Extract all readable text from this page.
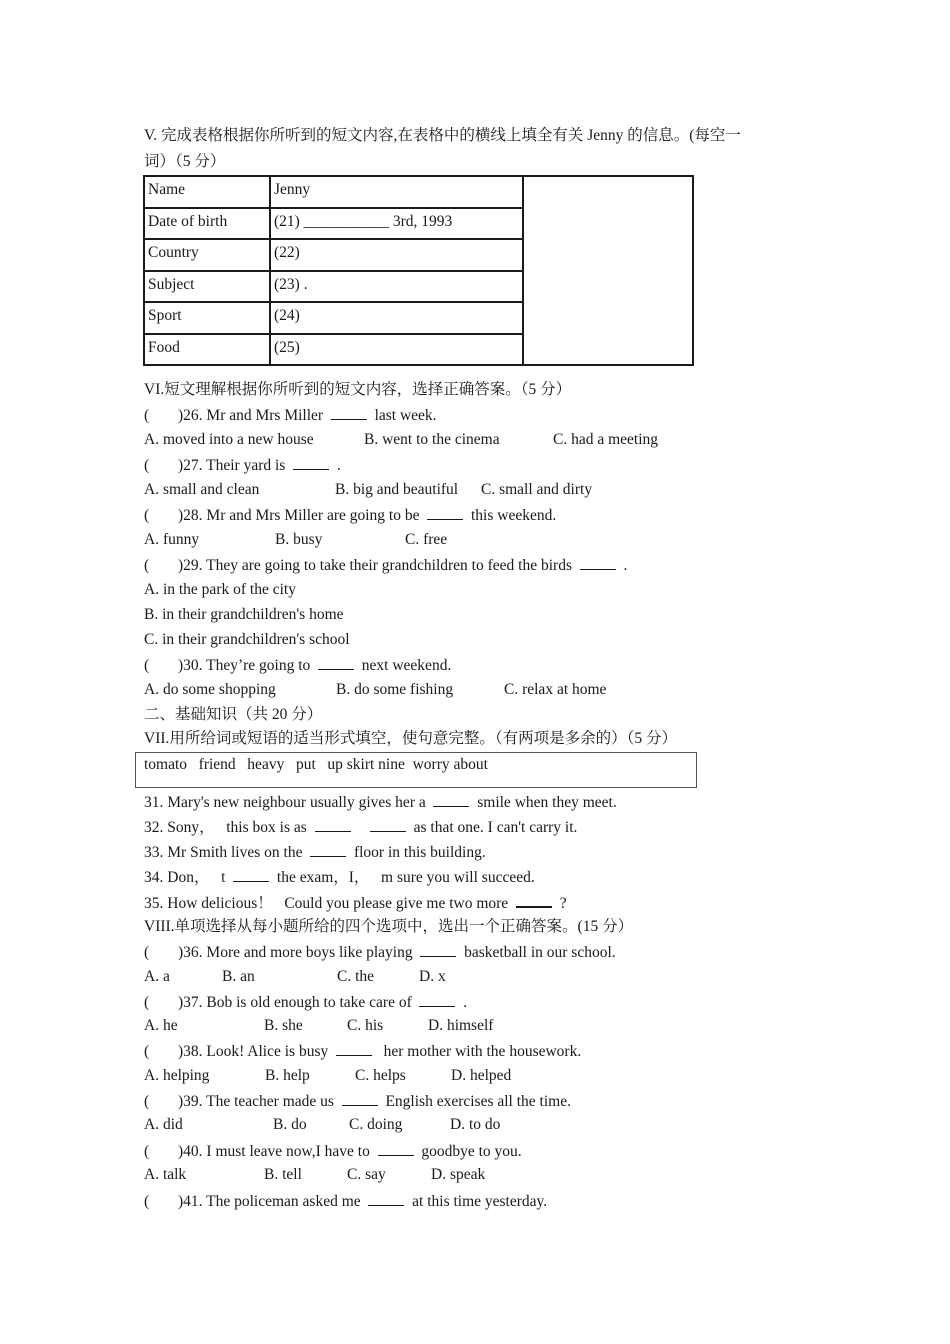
V. 完成表格根据你所听到的短文内容,在表格中的横线上填全有关 Jenny 的信息。(每空一
词）（5 分）
Name	Jenny	
Date of birth	(21) ___________ 3rd, 1993	
Country	(22)	
Subject	(23) .	
Sport	(24)	
Food	(25)	
VI.短文理解根据你所听到的短文内容，选择正确答案。（5 分）
( )26. Mr and Mrs Miller	last week.
A. moved into a new house	B. went to the cinema	C. had a meeting
( )27. Their yard is	.
A. small and clean	B. big and beautiful C. small and dirty
( )28. Mr and Mrs Miller are going to be	this weekend.
A. funny	B. busy	C. free
( )29. They are going to take their grandchildren to feed the birds	.
A. in the park of the city
B. in their grandchildren's home
C. in their grandchildren's school
( )30. They’re going to	next weekend.
A. do some shopping	B. do some fishing	C. relax at home
二、基础知识（共 20 分）
VII.用所给词或短语的适当形式填空，使句意完整。（有两项是多余的）（5 分）
tomato   friend   heavy   put   up skirt nine  worry about
31. Mary's new neighbour usually gives her a	smile when they meet.
32. Sony，   this box is as	as that one. I can't carry it.
33. Mr Smith lives on the	floor in this building.
34. Don，   t	the exam，I，   m sure you will succeed.
35. How delicious！   Could you please give me two more	?
VIII.单项选择从每小题所给的四个选项中，选出一个正确答案。(15 分）
( )36. More and more boys like playing	basketball in our school.
A. a	B. an	C. the	D. x
( )37. Bob is old enough to take care of	.
A. he	B. she	C. his	D. himself
( )38. Look! Alice is busy	her mother with the housework.
A. helping	B. help	C. helps	D. helped
( )39. The teacher made us	English exercises all the time.
A. did	B. do	C. doing	D. to do
( )40. I must leave now,I have to	goodbye to you.
A. talk	B. tell	C. say	D. speak
( )41. The policeman asked me	at this time yesterday.
